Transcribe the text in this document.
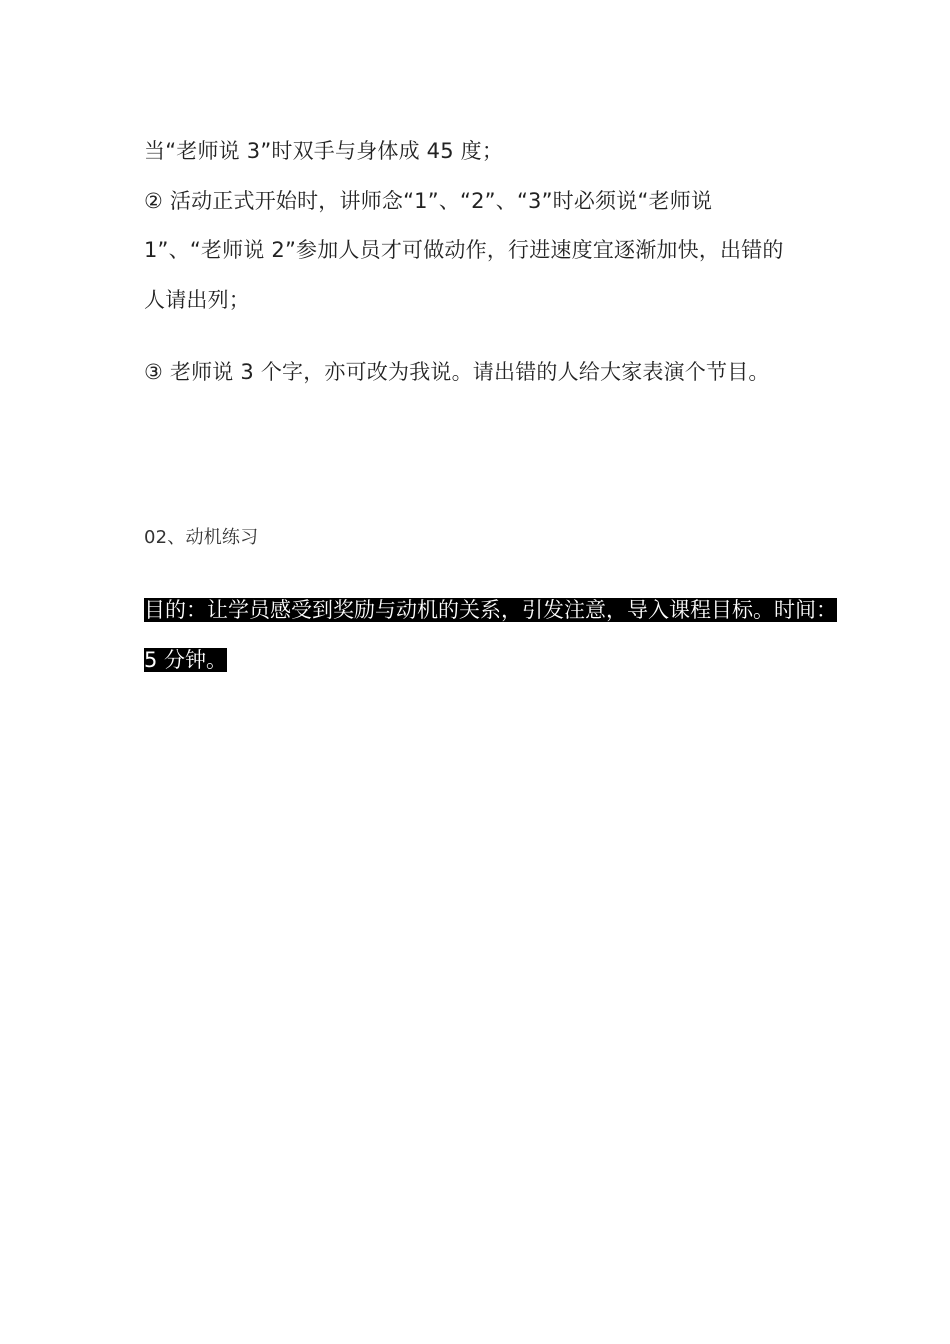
当“老师说 3”时双手与身体成 45 度；
② 活动正式开始时，讲师念“1”、“2”、“3”时必须说“老师说
1”、“老师说 2”参加人员才可做动作，行进速度宜逐渐加快，出错的
人请出列；
③ 老师说 3 个字，亦可改为我说。请出错的人给大家表演个节目。
02、动机练习
目的：让学员感受到奖励与动机的关系，引发注意，导入课程目标。时间：
5 分钟。
